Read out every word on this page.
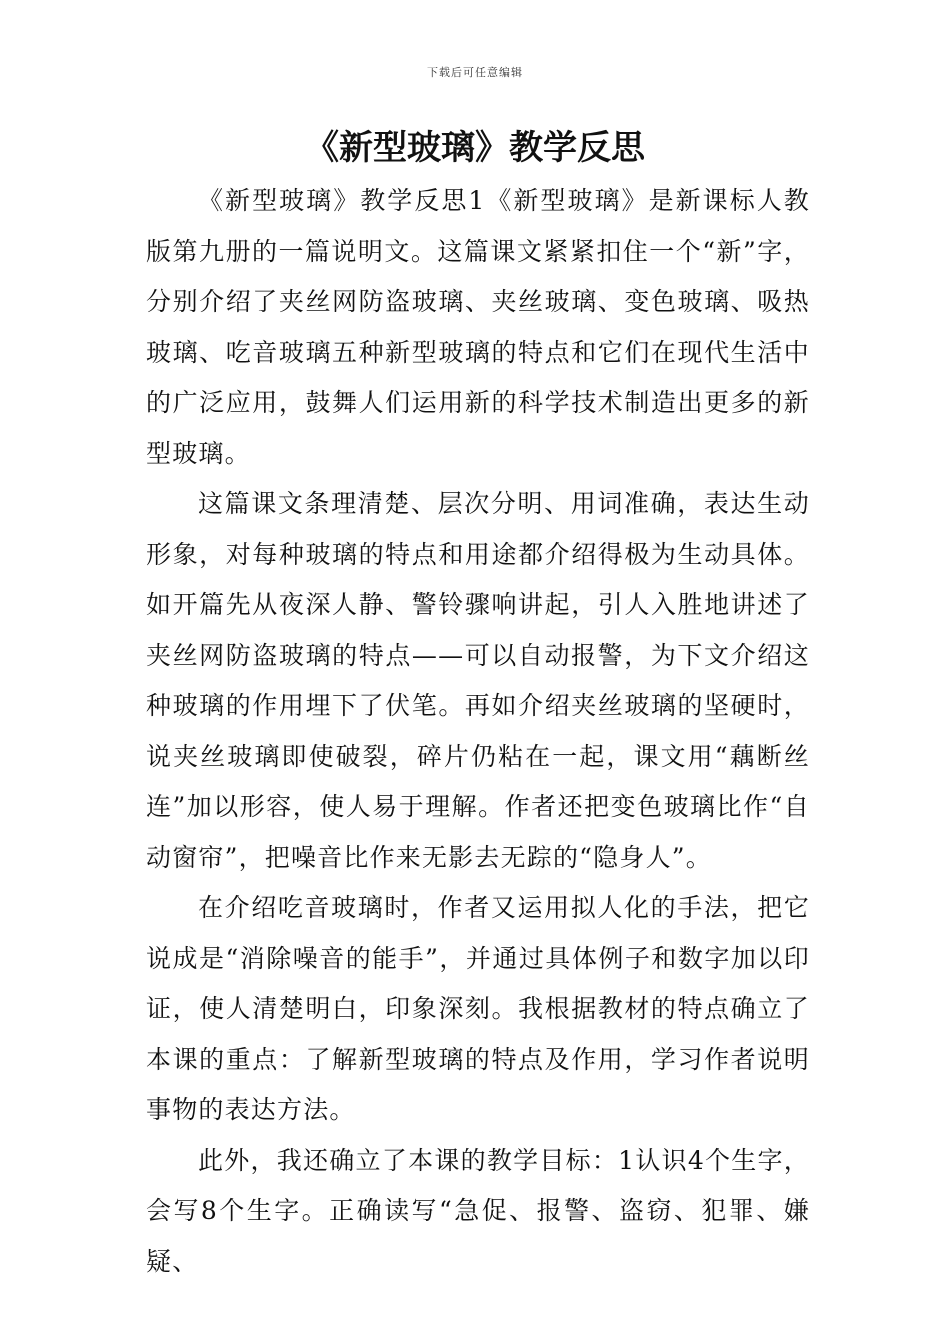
下载后可任意编辑
《新型玻璃》教学反思

《新型玻璃》教学反思1《新型玻璃》是新课标人教版第九册的一篇说明文。这篇课文紧紧扣住一个“新”字，分别介绍了夹丝网防盗玻璃、夹丝玻璃、变色玻璃、吸热玻璃、吃音玻璃五种新型玻璃的特点和它们在现代生活中的广泛应用，鼓舞人们运用新的科学技术制造出更多的新型玻璃。

这篇课文条理清楚、层次分明、用词准确，表达生动形象，对每种玻璃的特点和用途都介绍得极为生动具体。如开篇先从夜深人静、警铃骤响讲起，引人入胜地讲述了夹丝网防盗玻璃的特点——可以自动报警，为下文介绍这种玻璃的作用埋下了伏笔。再如介绍夹丝玻璃的坚硬时，说夹丝玻璃即使破裂，碎片仍粘在一起，课文用“藕断丝连”加以形容，使人易于理解。作者还把变色玻璃比作“自动窗帘”，把噪音比作来无影去无踪的“隐身人”。

在介绍吃音玻璃时，作者又运用拟人化的手法，把它说成是“消除噪音的能手”，并通过具体例子和数字加以印证，使人清楚明白，印象深刻。我根据教材的特点确立了本课的重点：了解新型玻璃的特点及作用，学习作者说明事物的表达方法。

此外，我还确立了本课的教学目标：1认识4个生字，会写8个生字。正确读写“急促、报警、盗窃、犯罪、嫌疑、
